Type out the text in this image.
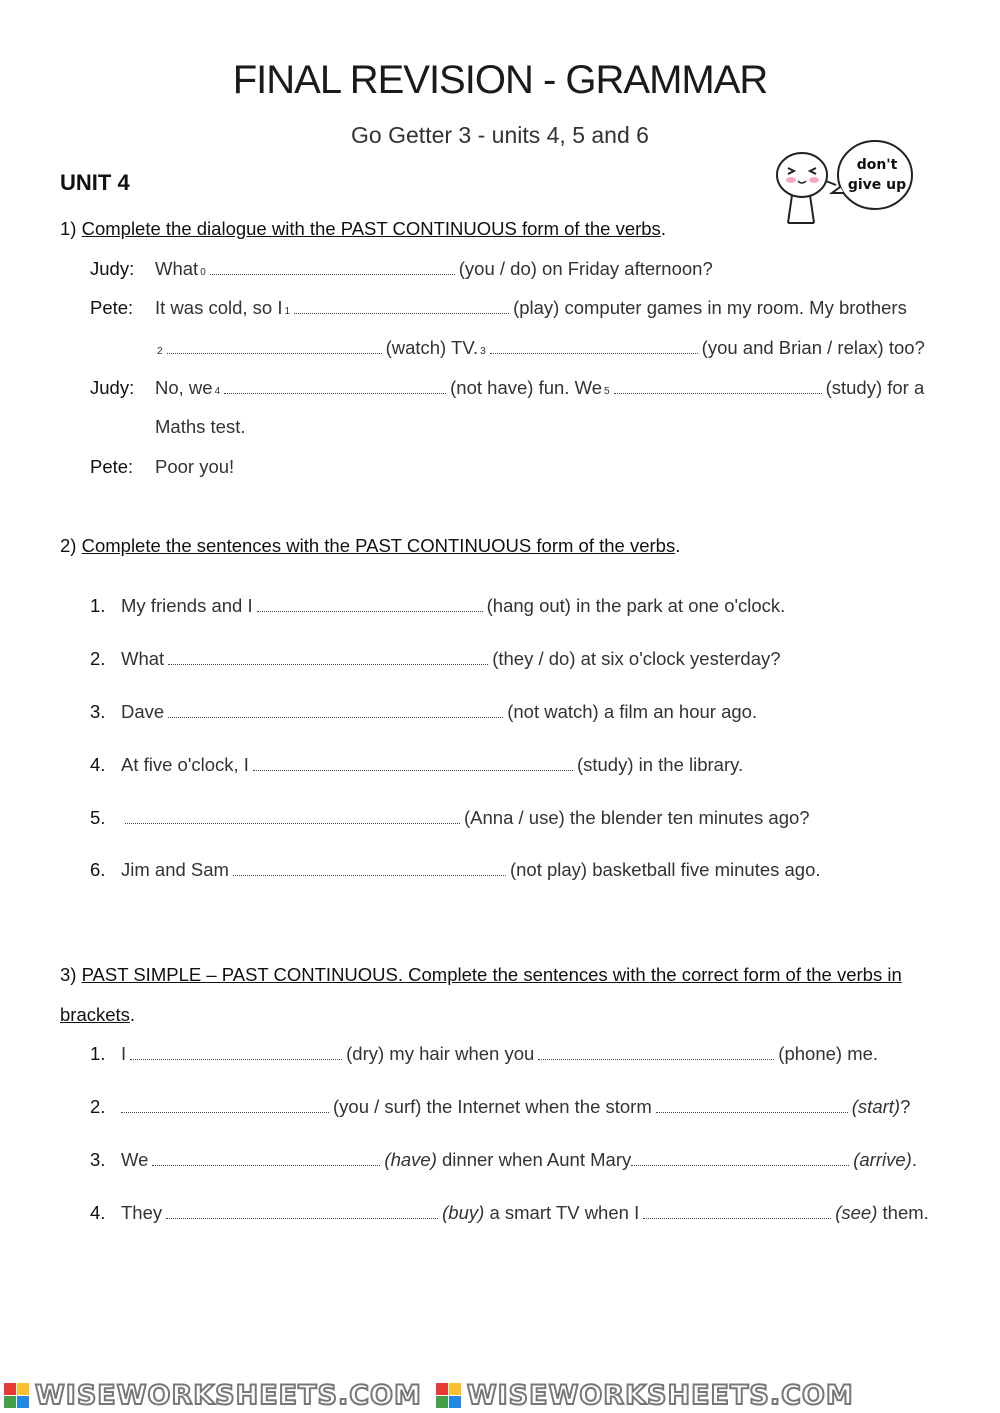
FINAL REVISION - GRAMMAR
Go Getter 3 - units 4, 5 and 6
UNIT 4
don't give up
1) Complete the dialogue with the PAST CONTINUOUS form of the verbs.
Judy: What 0	(you / do) on Friday afternoon?
Pete: It was cold, so I 1	(play) computer games in my room. My brothers
2	(watch) TV. 3	(you and Brian / relax) too?
Judy: No, we 4	(not have) fun. We 5	(study) for a
Maths test.
Pete: Poor you!
2) Complete the sentences with the PAST CONTINUOUS form of the verbs.
1. My friends and I	(hang out) in the park at one o'clock.
2. What	(they / do) at six o'clock yesterday?
3. Dave	(not watch) a film an hour ago.
4. At five o'clock, I	(study) in the library.
5.	(Anna / use) the blender ten minutes ago?
6. Jim and Sam	(not play) basketball five minutes ago.
3) PAST SIMPLE – PAST CONTINUOUS. Complete the sentences with the correct form of the verbs in
brackets.
1. I	(dry) my hair when you	(phone) me.
2.	(you / surf) the Internet when the storm	(start) ?
3. We	(have)
dinner when Aunt Mary	(arrive) .
4. They	(buy)
a smart TV when I	(see)
them.
WISEWORKSHEETS.COM WISEWORKSHEETS.COM
